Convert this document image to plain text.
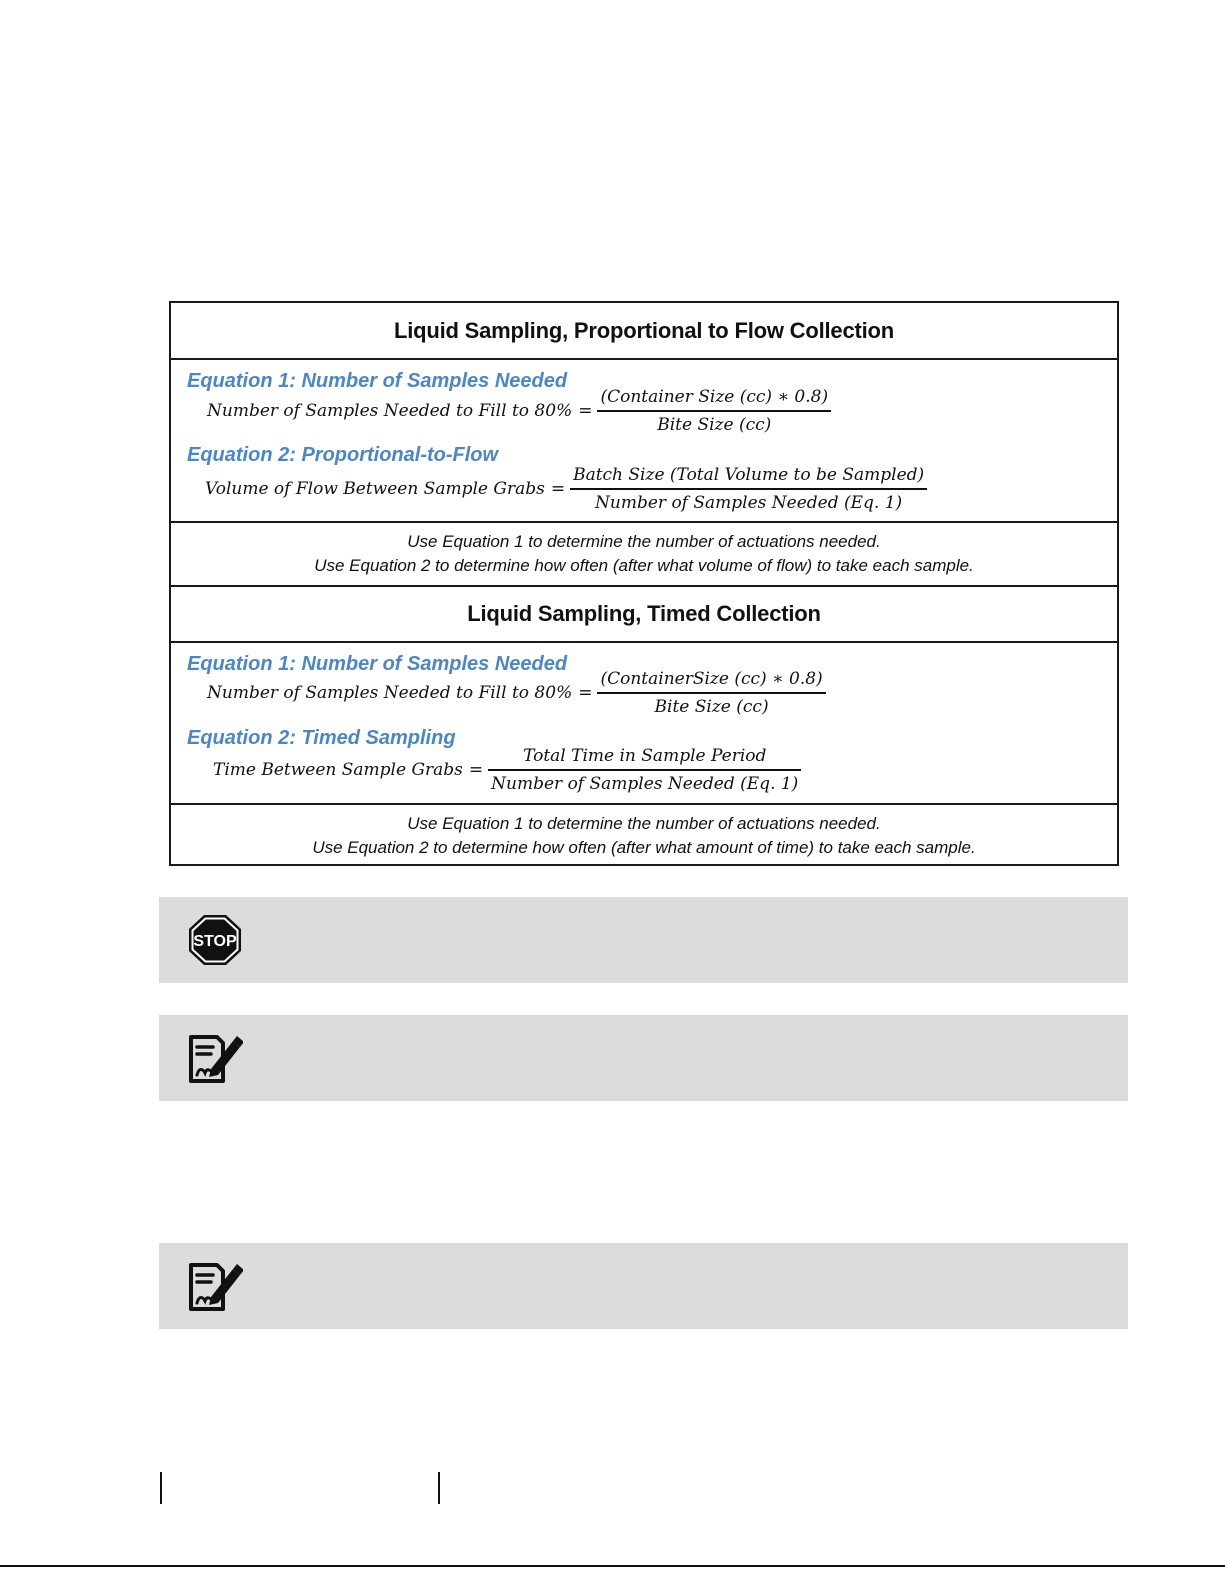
Liquid Sampling, Proportional to Flow Collection
Equation 1: Number of Samples Needed
Number of Samples Needed to Fill to $80\% = \frac{\text{(Container Size (cc) ∗ 0.8)}}{\text{Bite Size (cc)}}$
Equation 2: Proportional-to-Flow
Volume of Flow Between Sample Grabs = $\frac{\text{Batch Size (Total Volume to be Sampled)}}{\text{Number of Samples Needed (Eq. 1)}}$
Use Equation 1 to determine the number of actuations needed.
Use Equation 2 to determine how often (after what volume of flow) to take each sample.
Liquid Sampling, Timed Collection
Equation 1: Number of Samples Needed
Number of Samples Needed to Fill to $80\% = \frac{\text{(ContainerSize (cc) ∗ 0.8)}}{\text{Bite Size (cc)}}$
Equation 2: Timed Sampling
Time Between Sample Grabs = $\frac{\text{Total Time in Sample Period}}{\text{Number of Samples Needed (Eq. 1)}}$
Use Equation 1 to determine the number of actuations needed.
Use Equation 2 to determine how often (after what amount of time) to take each sample.
STOP
